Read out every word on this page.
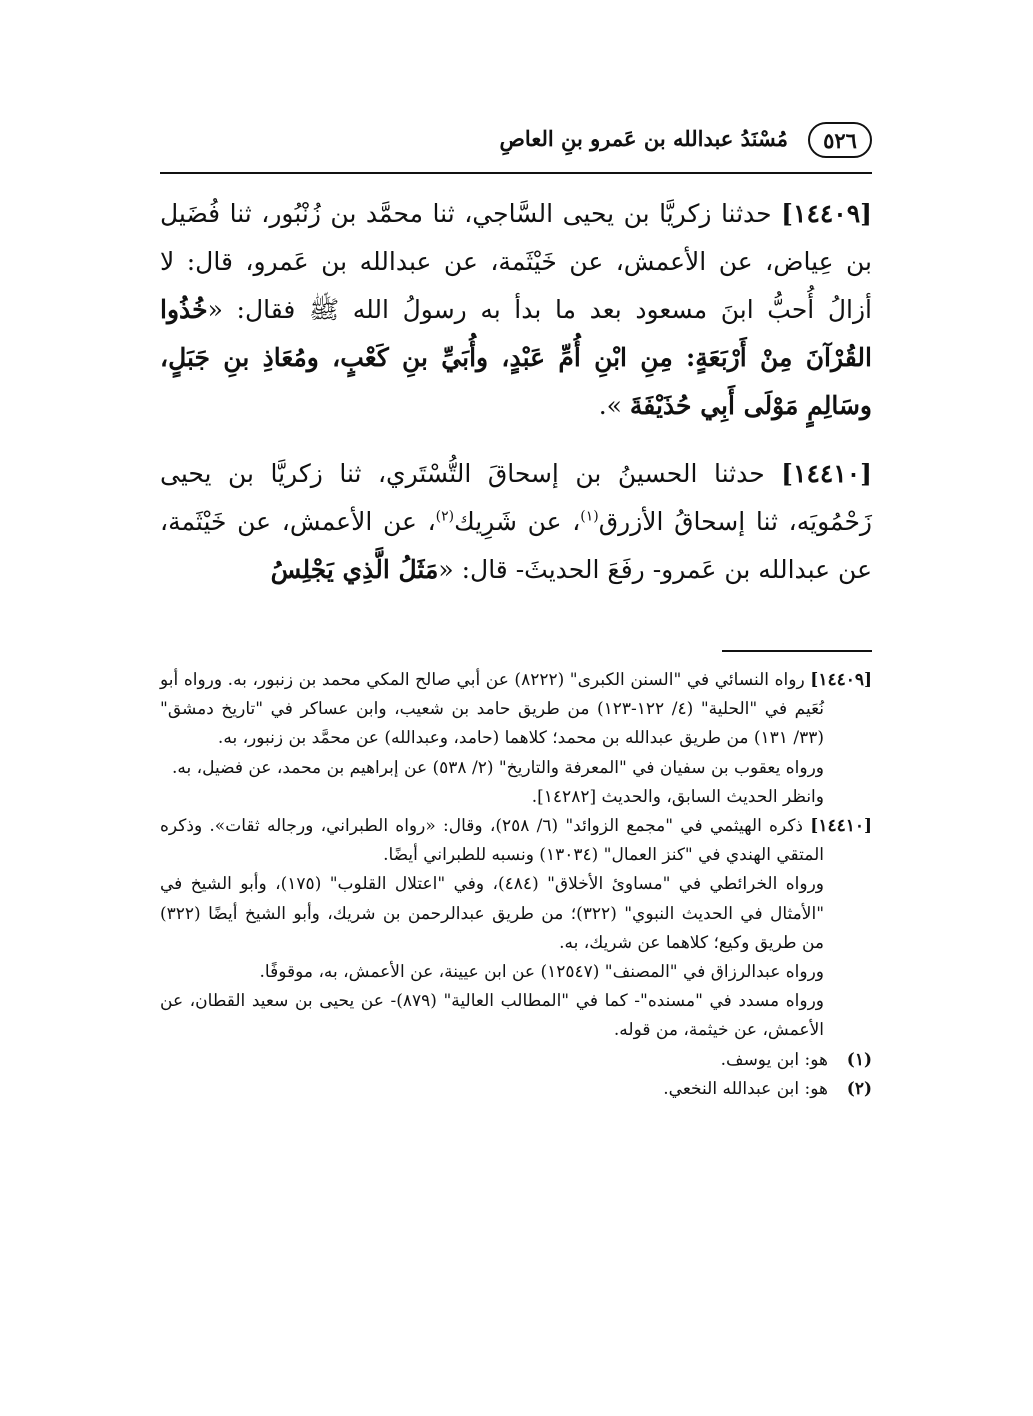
٥٢٦
مُسْنَدُ عبدالله بن عَمرو بنِ العاصِ

[١٤٤٠٩] حدثنا زكريَّا بن يحيى السَّاجي، ثنا محمَّد بن زُنْبُور، ثنا فُضَيل بن عِياض، عن الأعمش، عن خَيْثَمة، عن عبدالله بن عَمرو، قال: لا أزالُ أُحبُّ ابنَ مسعود بعد ما بدأ به رسولُ الله ﷺ فقال: «خُذُوا القُرْآنَ مِنْ أَرْبَعَةٍ: مِنِ ابْنِ أُمِّ عَبْدٍ، وأُبَيِّ بنِ كَعْبٍ، ومُعَاذِ بنِ جَبَلٍ، وسَالِمٍ مَوْلَى أَبِي حُذَيْفَةَ ».

[١٤٤١٠] حدثنا الحسينُ بن إسحاقَ التُّسْتَري، ثنا زكريَّا بن يحيى زَحْمُويَه، ثنا إسحاقُ الأزرق$^{(١)}$، عن شَرِيك$^{(٢)}$، عن الأعمش، عن خَيْثَمة، عن عبدالله بن عَمرو- رفَعَ الحديثَ- قال: «مَثَلُ الَّذِي يَجْلِسُ

[١٤٤٠٩] رواه النسائي في "السنن الكبرى" (٨٢٢٢) عن أبي صالح المكي محمد بن زنبور، به. ورواه أبو نُعَيم في "الحلية" (٤/ ١٢٢-١٢٣) من طريق حامد بن شعيب، وابن عساكر في "تاريخ دمشق" (٣٣/ ١٣١) من طريق عبدالله بن محمد؛ كلاهما (حامد، وعبدالله) عن محمَّد بن زنبور، به.

ورواه يعقوب بن سفيان في "المعرفة والتاريخ" (٢/ ٥٣٨) عن إبراهيم بن محمد، عن فضيل، به.

وانظر الحديث السابق، والحديث [١٤٢٨٢].

[١٤٤١٠] ذكره الهيثمي في "مجمع الزوائد" (٦/ ٢٥٨)، وقال: «رواه الطبراني، ورجاله ثقات». وذكره المتقي الهندي في "كنز العمال" (١٣٠٣٤) ونسبه للطبراني أيضًا.

ورواه الخرائطي في "مساوئ الأخلاق" (٤٨٤)، وفي "اعتلال القلوب" (١٧٥)، وأبو الشيخ في "الأمثال في الحديث النبوي" (٣٢٢)؛ من طريق عبدالرحمن بن شريك، وأبو الشيخ أيضًا (٣٢٢) من طريق وكيع؛ كلاهما عن شريك، به.

ورواه عبدالرزاق في "المصنف" (١٢٥٤٧) عن ابن عيينة، عن الأعمش، به، موقوفًا.

ورواه مسدد في "مسنده"- كما في "المطالب العالية" (٨٧٩)- عن يحيى بن سعيد القطان، عن الأعمش، عن خيثمة، من قوله.

(١)
هو: ابن يوسف.
(٢)
هو: ابن عبدالله النخعي.
